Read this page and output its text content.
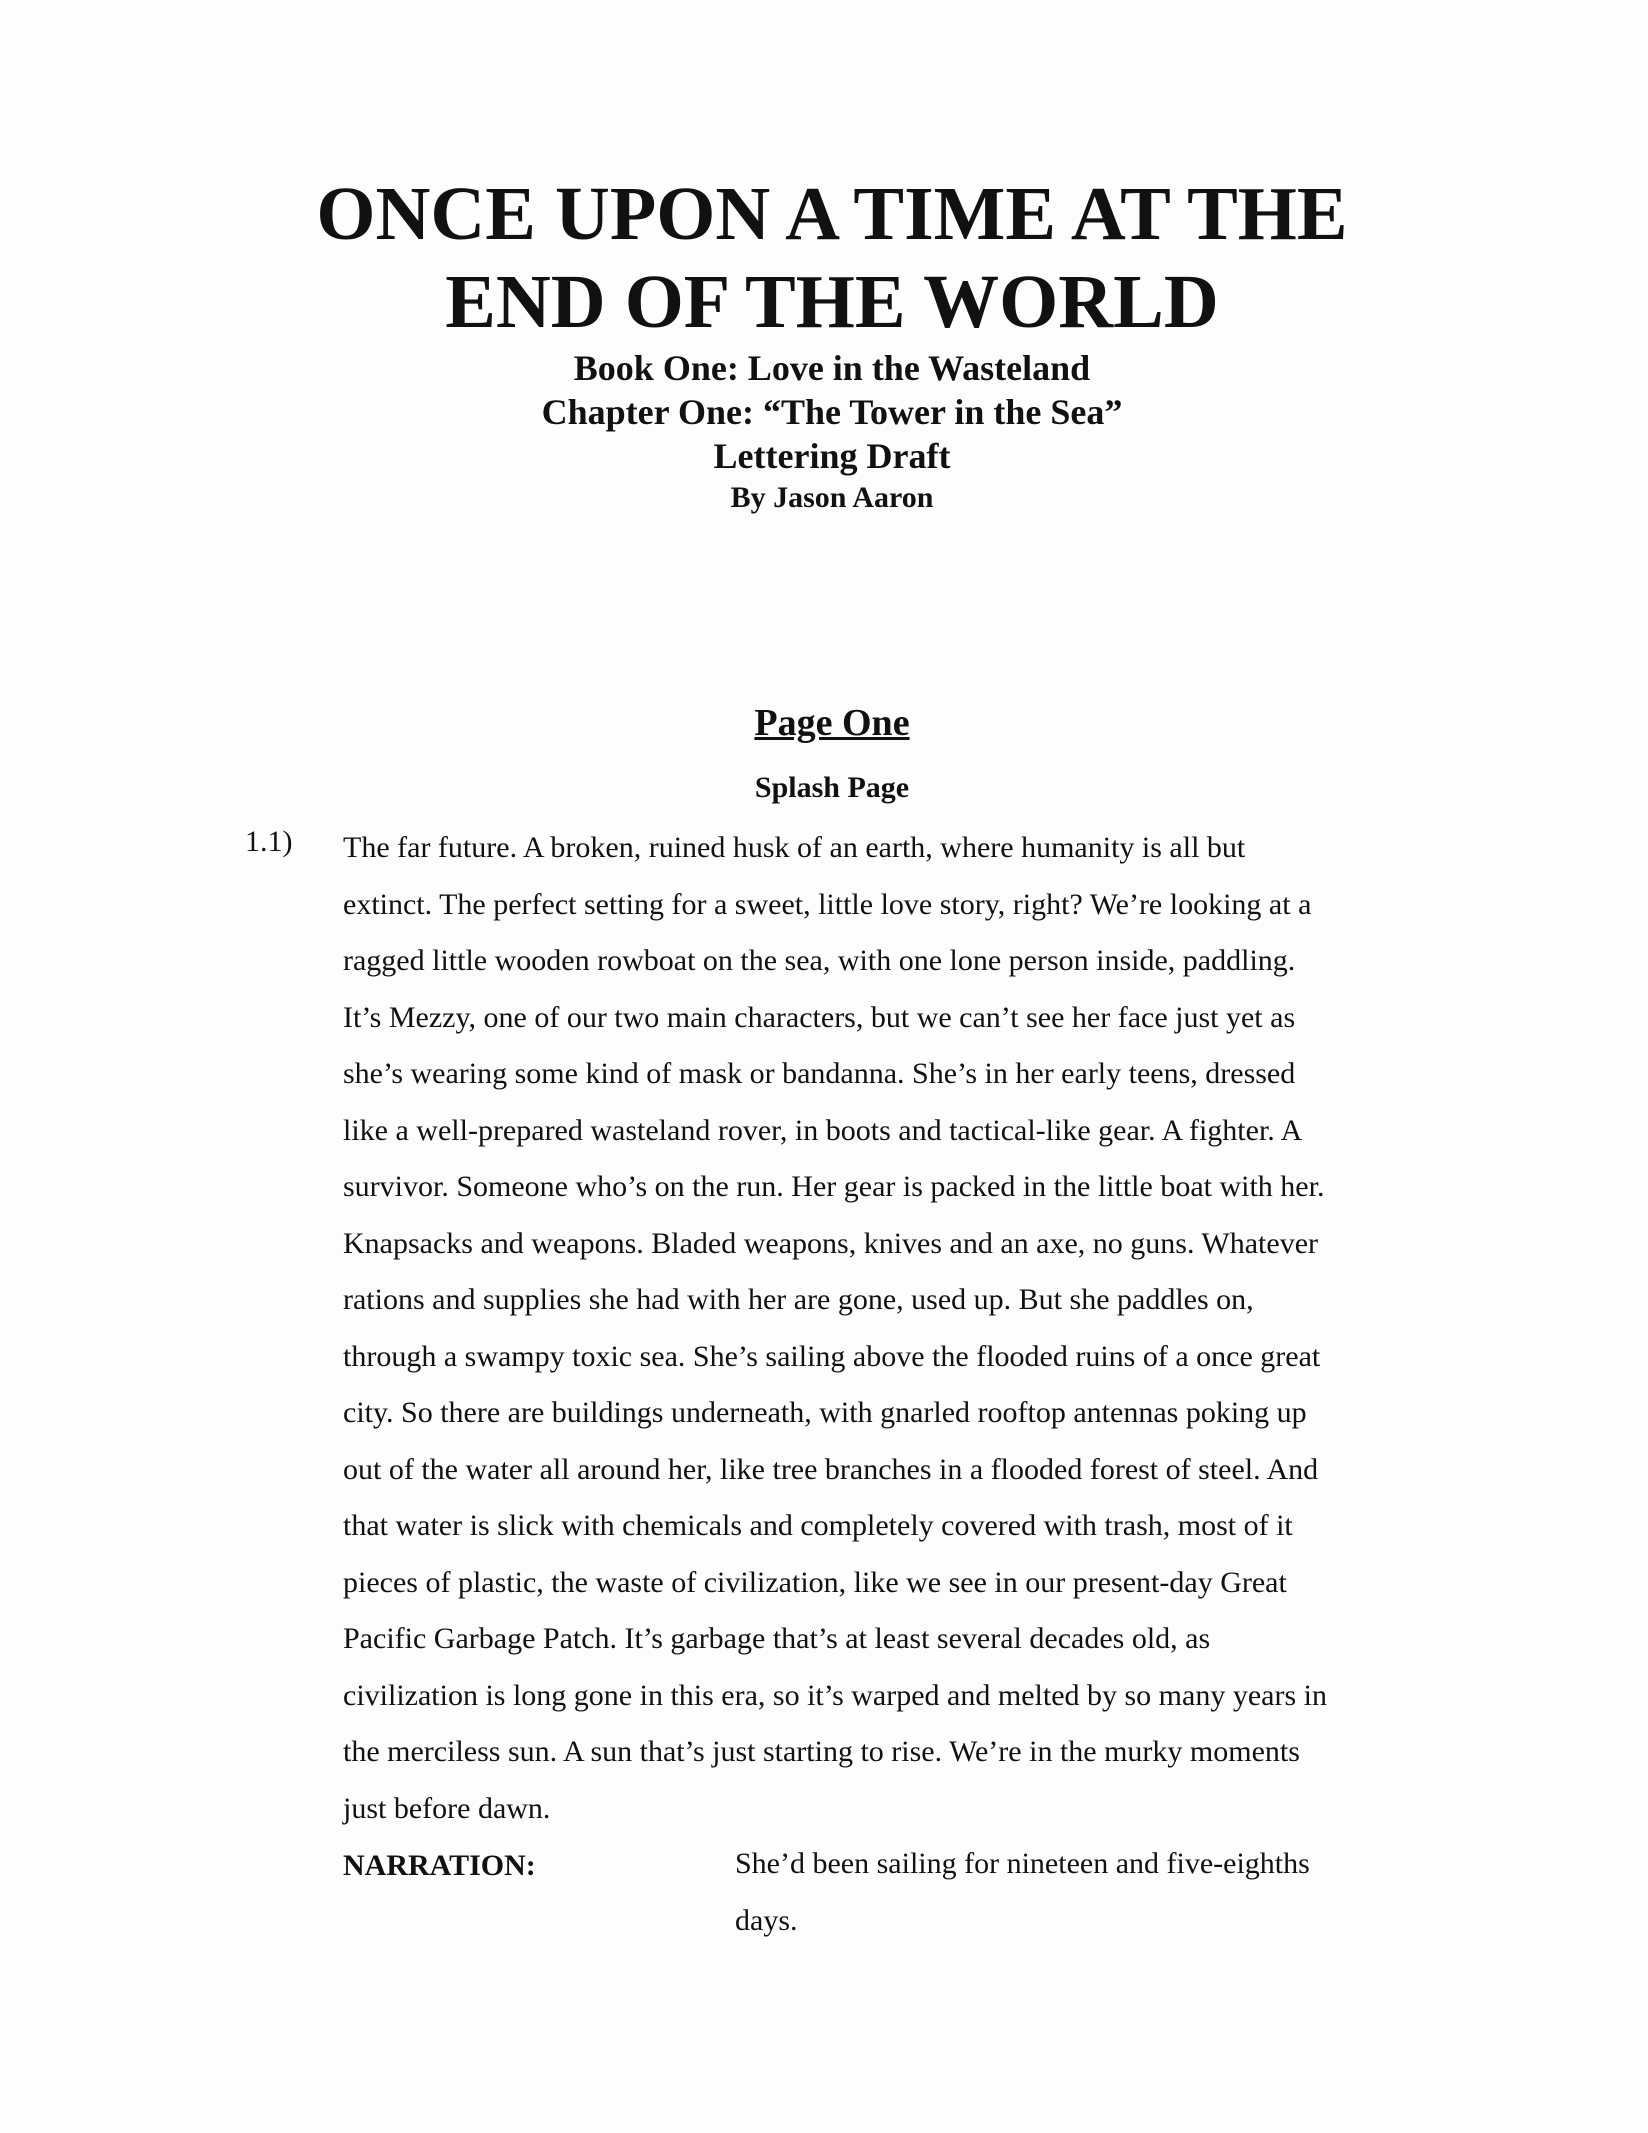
ONCE UPON A TIME AT THE
END OF THE WORLD
Book One: Love in the Wasteland
Chapter One: “The Tower in the Sea”
Lettering Draft
By Jason Aaron
Page One
Splash Page
1.1) The far future. A broken, ruined husk of an earth, where humanity is all but
extinct. The perfect setting for a sweet, little love story, right? We’re looking at a
ragged little wooden rowboat on the sea, with one lone person inside, paddling.
It’s Mezzy, one of our two main characters, but we can’t see her face just yet as
she’s wearing some kind of mask or bandanna. She’s in her early teens, dressed
like a well-prepared wasteland rover, in boots and tactical-like gear. A fighter. A
survivor. Someone who’s on the run. Her gear is packed in the little boat with her.
Knapsacks and weapons. Bladed weapons, knives and an axe, no guns. Whatever
rations and supplies she had with her are gone, used up. But she paddles on,
through a swampy toxic sea. She’s sailing above the flooded ruins of a once great
city. So there are buildings underneath, with gnarled rooftop antennas poking up
out of the water all around her, like tree branches in a flooded forest of steel. And
that water is slick with chemicals and completely covered with trash, most of it
pieces of plastic, the waste of civilization, like we see in our present-day Great
Pacific Garbage Patch. It’s garbage that’s at least several decades old, as
civilization is long gone in this era, so it’s warped and melted by so many years in
the merciless sun. A sun that’s just starting to rise. We’re in the murky moments
just before dawn.
NARRATION:	She’d been sailing for nineteen and five-eighths
days.
